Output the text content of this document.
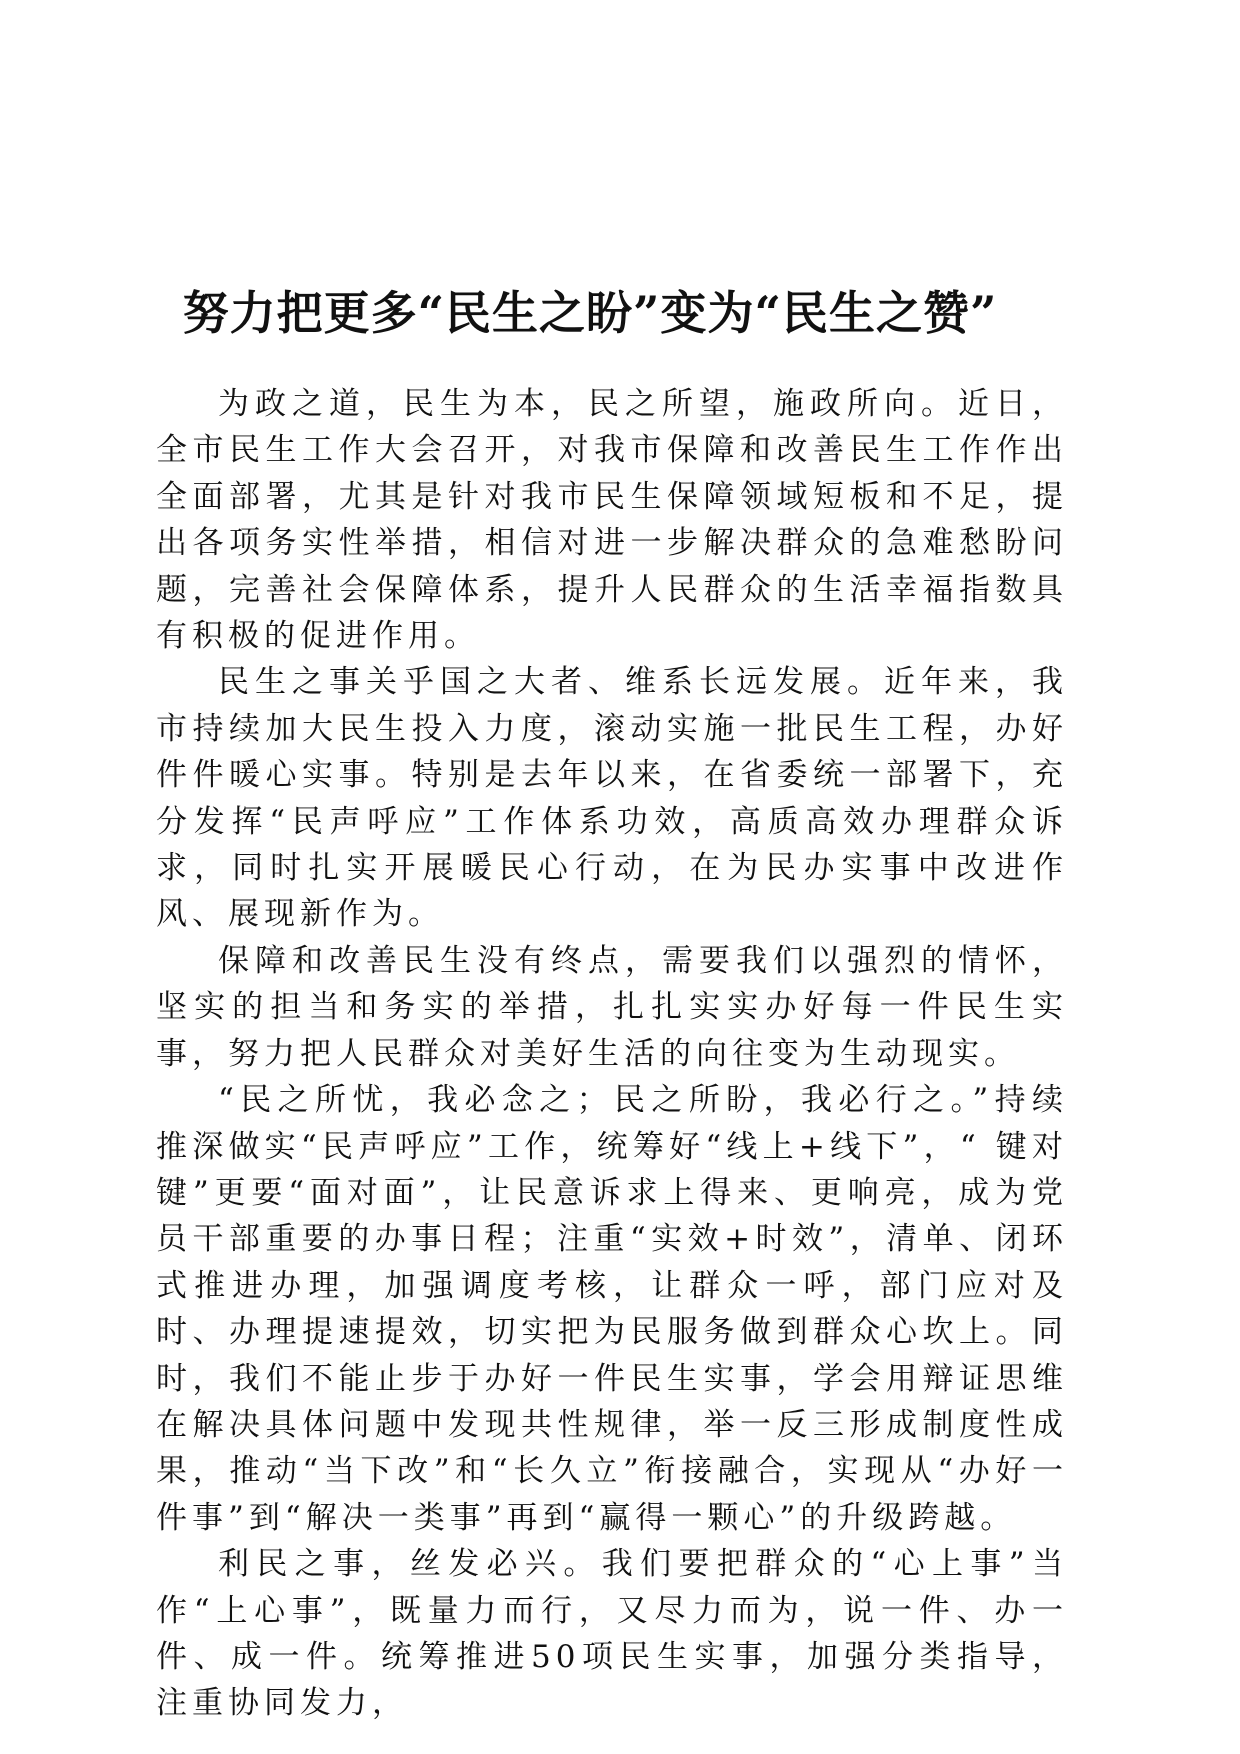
努力把更多“民生之盼”变为“民生之赞”

为政之道，民生为本，民之所望，施政所向。近日，全市民生工作大会召开，对我市保障和改善民生工作作出全面部署，尤其是针对我市民生保障领域短板和不足，提出各项务实性举措，相信对进一步解决群众的急难愁盼问题，完善社会保障体系，提升人民群众的生活幸福指数具有积极的促进作用。

民生之事关乎国之大者、维系长远发展。近年来，我市持续加大民生投入力度，滚动实施一批民生工程，办好件件暖心实事。特别是去年以来，在省委统一部署下，充分发挥“民声呼应”工作体系功效，高质高效办理群众诉求，同时扎实开展暖民心行动，在为民办实事中改进作风、展现新作为。

保障和改善民生没有终点，需要我们以强烈的情怀，坚实的担当和务实的举措，扎扎实实办好每一件民生实事，努力把人民群众对美好生活的向往变为生动现实。

“民之所忧，我必念之；民之所盼，我必行之。”持续推深做实“民声呼应”工作，统筹好“线上+线下”，“ 键对键”更要“面对面”，让民意诉求上得来、更响亮，成为党员干部重要的办事日程；注重“实效+时效”，清单、闭环式推进办理，加强调度考核，让群众一呼，部门应对及时、办理提速提效，切实把为民服务做到群众心坎上。同时，我们不能止步于办好一件民生实事，学会用辩证思维在解决具体问题中发现共性规律，举一反三形成制度性成果，推动“当下改”和“长久立”衔接融合，实现从“办好一件事”到“解决一类事”再到“赢得一颗心”的升级跨越。

利民之事，丝发必兴。我们要把群众的“心上事”当作“上心事”，既量力而行，又尽力而为，说一件、办一件、成一件。统筹推进50项民生实事，加强分类指导，注重协同发力，
